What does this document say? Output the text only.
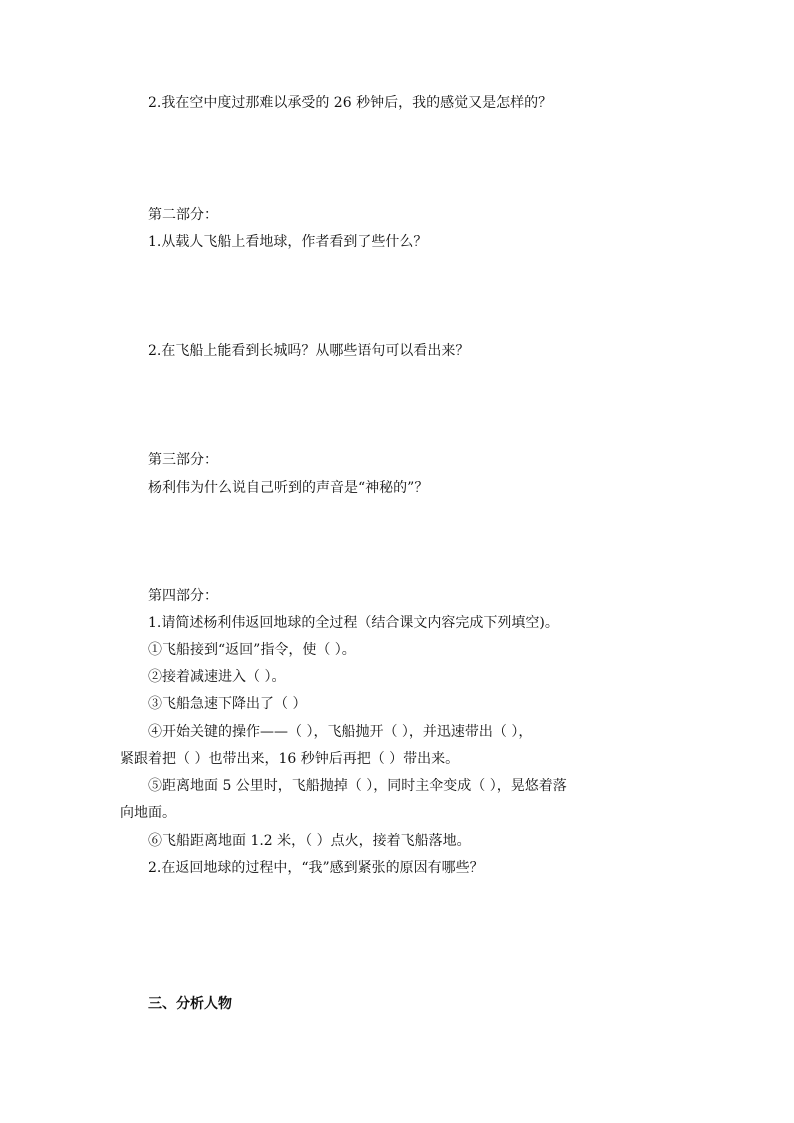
2.我在空中度过那难以承受的 26 秒钟后，我的感觉又是怎样的？
第二部分：
1.从载人飞船上看地球，作者看到了些什么？
2.在飞船上能看到长城吗？从哪些语句可以看出来？
第三部分：
杨利伟为什么说自己听到的声音是“神秘的”？
第四部分：
1.请简述杨利伟返回地球的全过程（结合课文内容完成下列填空)。
①飞船接到“返回”指令，使（ ）。
②接着减速进入（ ）。
③飞船急速下降出了（ ）
④开始关键的操作——（ ），飞船抛开（ ），并迅速带出（ ），
紧跟着把（ ）也带出来，16 秒钟后再把（ ）带出来。
⑤距离地面 5 公里时，飞船抛掉（ ），同时主伞变成（ ），晃悠着落
向地面。
⑥飞船距离地面 1.2 米，（ ）点火，接着飞船落地。
2.在返回地球的过程中，“我”感到紧张的原因有哪些？
三、分析人物
